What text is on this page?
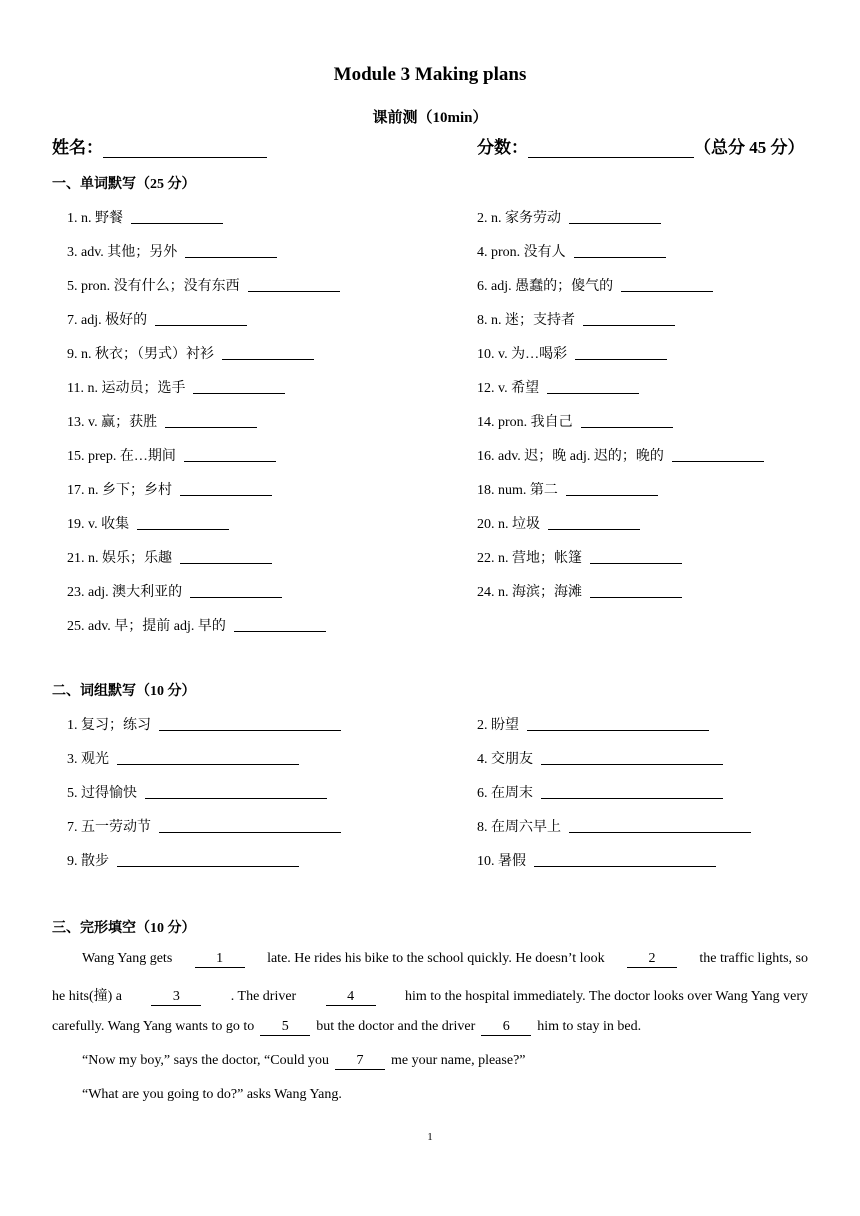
Module 3 Making plans
课前测（10min）
姓名：	分数：	（总分 45 分）
一、单词默写（25 分）
1. n. 野餐	2. n. 家务劳动
3. adv. 其他；另外	4. pron. 没有人
5. pron. 没有什么；没有东西	6. adj. 愚蠢的；傻气的
7. adj. 极好的	8. n. 迷；支持者
9. n. 秋衣；（男式）衬衫	10. v. 为…喝彩
11. n. 运动员；选手	12. v. 希望
13. v. 赢；获胜	14. pron. 我自己
15. prep. 在…期间	16. adv. 迟；晚 adj. 迟的；晚的
17. n. 乡下；乡村	18. num. 第二
19. v. 收集	20. n. 垃圾
21. n. 娱乐；乐趣	22. n. 营地；帐篷
23. adj. 澳大利亚的	24. n. 海滨；海滩
25. adv. 早；提前 adj. 早的
二、词组默写（10 分）
1. 复习；练习	2. 盼望
3. 观光	4. 交朋友
5. 过得愉快	6. 在周末
7. 五一劳动节	8. 在周六早上
9. 散步	10. 暑假
三、完形填空（10 分）
Wang Yang gets	1	late. He rides his bike to the school quickly. He doesn’t look	2	the traffic lights, so
he hits(撞) a	3	. The driver	4	him to the hospital immediately. The doctor looks over Wang Yang very
carefully. Wang Yang wants to go to 5 but the doctor and the driver 6 him to stay in bed.
“Now my boy,” says the doctor, “Could you 7 me your name, please?”
“What are you going to do?” asks Wang Yang.
1
